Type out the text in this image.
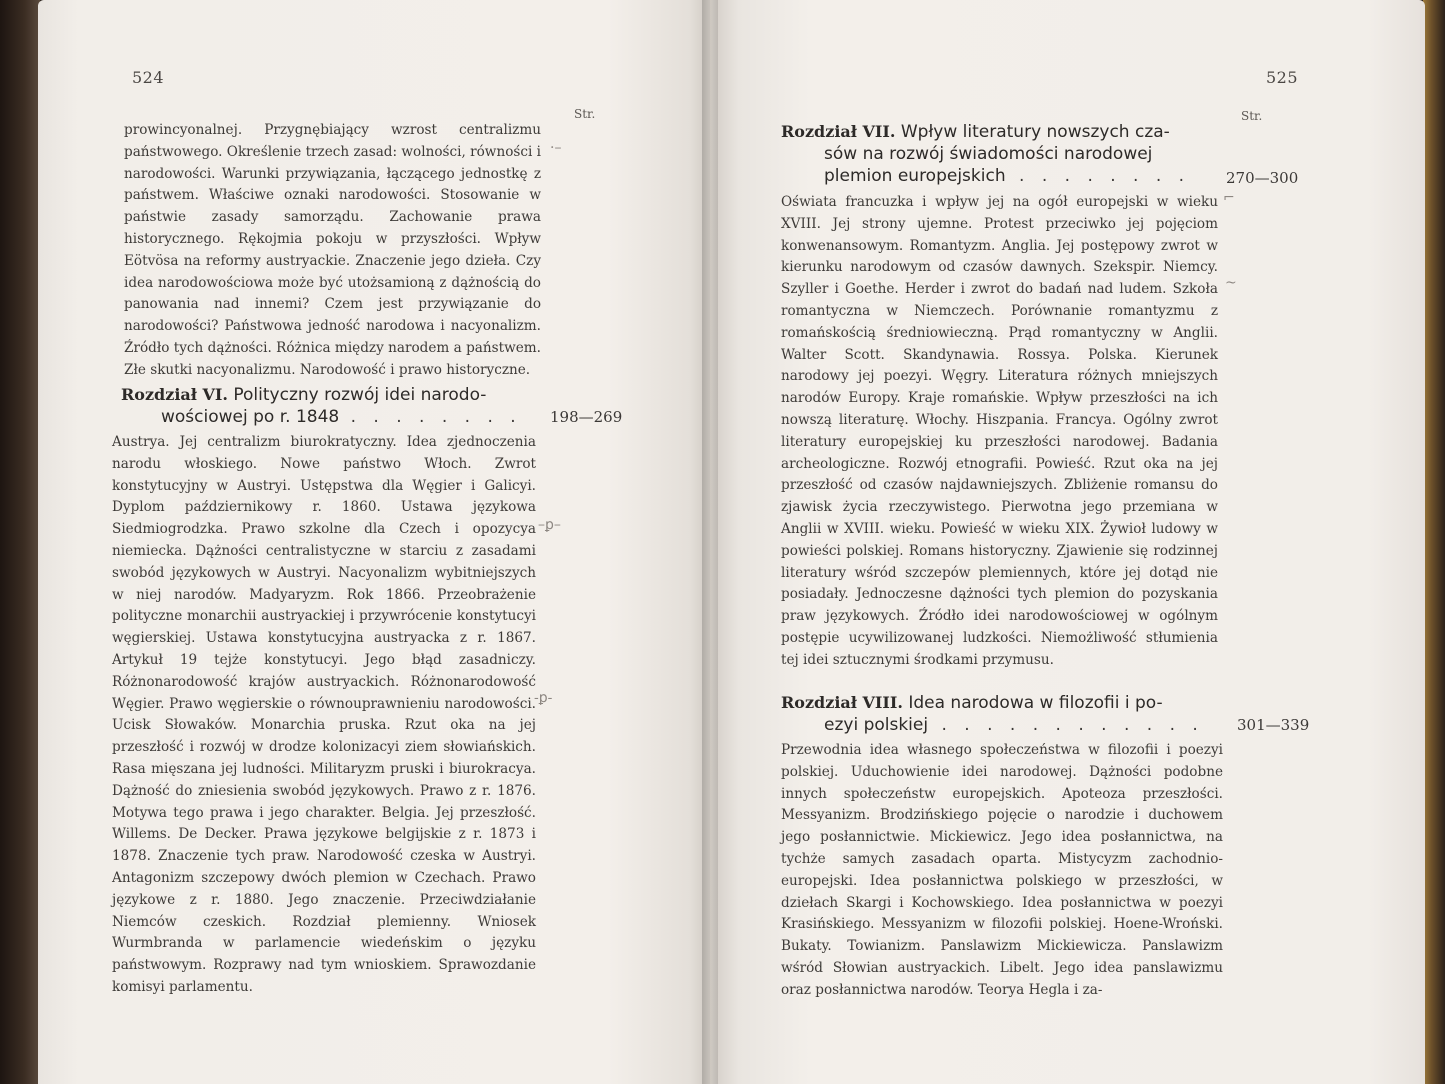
524
Str.

prowincyonalnej. Przygnębiający wzrost centralizmu państwowego. Określenie trzech zasad: wolności, równości i narodowości. Warunki przywiązania, łączącego jednostkę z państwem. Właściwe oznaki narodowości. Stosowanie w państwie zasady samorządu. Zachowanie prawa historycznego. Rękojmia pokoju w przyszłości. Wpływ Eötvösa na reformy austryackie. Znaczenie jego dzieła. Czy idea narodowościowa może być utożsamioną z dążnością do panowania nad innemi? Czem jest przywiązanie do narodowości? Państwowa jedność narodowa i nacyonalizm. Źródło tych dążności. Różnica między narodem a państwem. Złe skutki nacyonalizmu. Narodowość i prawo historyczne.

Rozdział VI. Polityczny rozwój idei narodo-
wościowej po r. 1848 . . . . . . . . 198—269

Austrya. Jej centralizm biurokratyczny. Idea zjednoczenia narodu włoskiego. Nowe państwo Włoch. Zwrot konstytucyjny w Austryi. Ustępstwa dla Węgier i Galicyi. Dyplom październikowy r. 1860. Ustawa językowa Siedmiogrodzka. Prawo szkolne dla Czech i opozycya niemiecka. Dążności centralistyczne w starciu z zasadami swobód językowych w Austryi. Nacyonalizm wybitniejszych w niej narodów. Madyaryzm. Rok 1866. Przeobrażenie polityczne monarchii austryackiej i przywrócenie konstytucyi węgierskiej. Ustawa konstytucyjna austryacka z r. 1867. Artykuł 19 tejże konstytucyi. Jego błąd zasadniczy. Różnonarodowość krajów austryackich. Różnonarodowość Węgier. Prawo węgierskie o równouprawnieniu narodowości. Ucisk Słowaków. Monarchia pruska. Rzut oka na jej przeszłość i rozwój w drodze kolonizacyi ziem słowiańskich. Rasa mięszana jej ludności. Militaryzm pruski i biurokracya. Dążność do zniesienia swobód językowych. Prawo z r. 1876. Motywa tego prawa i jego charakter. Belgia. Jej przeszłość. Willems. De Decker. Prawa językowe belgijskie z r. 1873 i 1878. Znaczenie tych praw. Narodowość czeska w Austryi. Antagonizm szczepowy dwóch plemion w Czechach. Prawo językowe z r. 1880. Jego znaczenie. Przeciwdziałanie Niemców czeskich. Rozdział plemienny. Wniosek Wurmbranda w parlamencie wiedeńskim o języku państwowym. Rozprawy nad tym wnioskiem. Sprawozdanie komisyi parlamentu.

·–
–ꝑ–
-ꝑ-
525
Str.
Rozdział VII. Wpływ literatury nowszych cza-
sów na rozwój świadomości narodowej
plemion europejskich . . . . . . . . 270—300

Oświata francuzka i wpływ jej na ogół europejski w wieku XVIII. Jej strony ujemne. Protest przeciwko jej pojęciom konwenansowym. Romantyzm. Anglia. Jej postępowy zwrot w kierunku narodowym od czasów dawnych. Szekspir. Niemcy. Szyller i Goethe. Herder i zwrot do badań nad ludem. Szkoła romantyczna w Niemczech. Porównanie romantyzmu z romańskością średniowieczną. Prąd romantyczny w Anglii. Walter Scott. Skandynawia. Rossya. Polska. Kierunek narodowy jej poezyi. Węgry. Literatura różnych mniejszych narodów Europy. Kraje romańskie. Wpływ przeszłości na ich nowszą literaturę. Włochy. Hiszpania. Francya. Ogólny zwrot literatury europejskiej ku przeszłości narodowej. Badania archeologiczne. Rozwój etnografii. Powieść. Rzut oka na jej przeszłość od czasów najdawniejszych. Zbliżenie romansu do zjawisk życia rzeczywistego. Pierwotna jego przemiana w Anglii w XVIII. wieku. Powieść w wieku XIX. Żywioł ludowy w powieści polskiej. Romans historyczny. Zjawienie się rodzinnej literatury wśród szczepów plemiennych, które jej dotąd nie posiadały. Jednoczesne dążności tych plemion do pozyskania praw językowych. Źródło idei narodowościowej w ogólnym postępie ucywilizowanej ludzkości. Niemożliwość stłumienia tej idei sztucznymi środkami przymusu.

Rozdział VIII. Idea narodowa w filozofii i po-
ezyi polskiej . . . . . . . . . . . . 301—339

Przewodnia idea własnego społeczeństwa w filozofii i poezyi polskiej. Uduchowienie idei narodowej. Dążności podobne innych społeczeństw europejskich. Apoteoza przeszłości. Messyanizm. Brodzińskiego pojęcie o narodzie i duchowem jego posłannictwie. Mickiewicz. Jego idea posłannictwa, na tychże samych zasadach oparta. Mistycyzm zachodnio-europejski. Idea posłannictwa polskiego w przeszłości, w dziełach Skargi i Kochowskiego. Idea posłannictwa w poezyi Krasińskiego. Messyanizm w filozofii polskiej. Hoene-Wroński. Bukaty. Towianizm. Panslawizm Mickiewicza. Panslawizm wśród Słowian austryackich. Libelt. Jego idea panslawizmu oraz posłannictwa narodów. Teorya Hegla i za-

⌐
~
